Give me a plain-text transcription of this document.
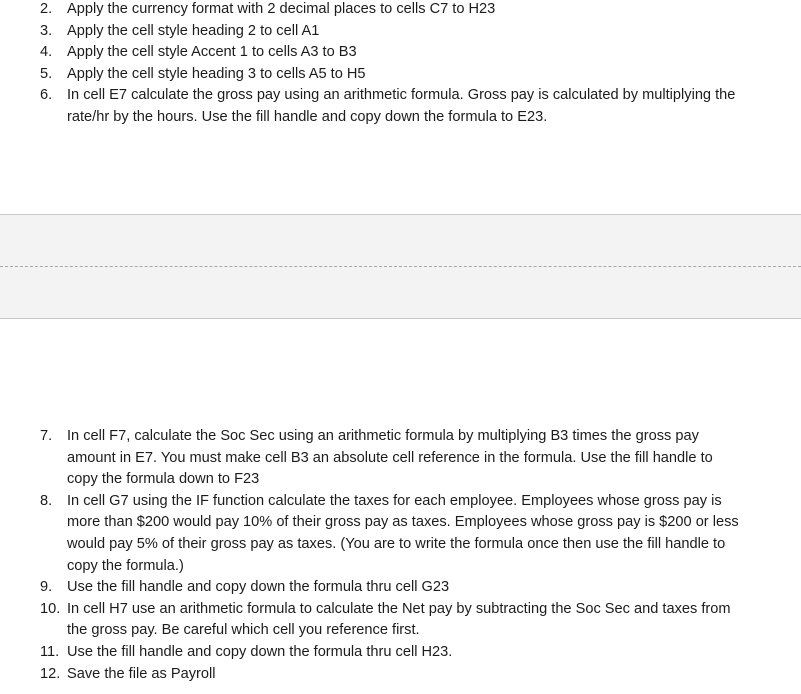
2. Apply the currency format with 2 decimal places to cells C7 to H23
3. Apply the cell style heading 2 to cell A1
4. Apply the cell style Accent 1 to cells A3 to B3
5. Apply the cell style heading 3 to cells A5 to H5
6. In cell E7 calculate the gross pay using an arithmetic formula. Gross pay is calculated by multiplying the rate/hr by the hours. Use the fill handle and copy down the formula to E23.
7. In cell F7, calculate the Soc Sec using an arithmetic formula by multiplying B3 times the gross pay amount in E7. You must make cell B3 an absolute cell reference in the formula. Use the fill handle to copy the formula down to F23
8. In cell G7 using the IF function calculate the taxes for each employee. Employees whose gross pay is more than $200 would pay 10% of their gross pay as taxes. Employees whose gross pay is $200 or less would pay 5% of their gross pay as taxes. (You are to write the formula once then use the fill handle to copy the formula.)
9. Use the fill handle and copy down the formula thru cell G23
10. In cell H7 use an arithmetic formula to calculate the Net pay by subtracting the Soc Sec and taxes from the gross pay. Be careful which cell you reference first.
11. Use the fill handle and copy down the formula thru cell H23.
12. Save the file as Payroll
